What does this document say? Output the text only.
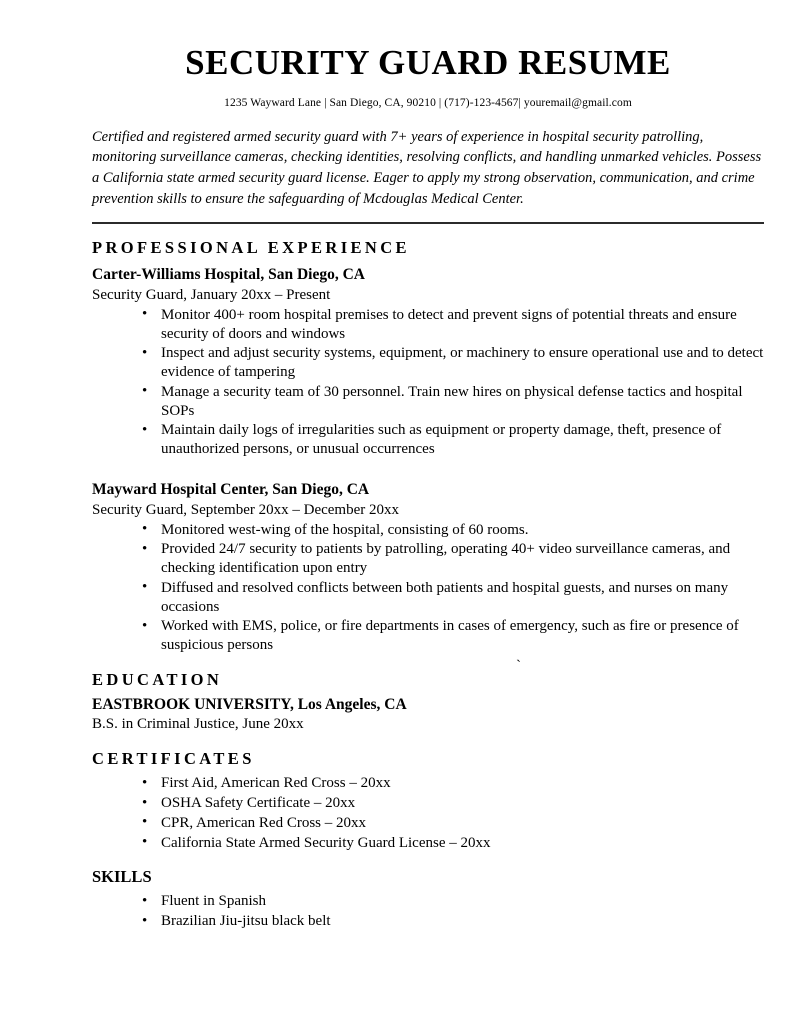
SECURITY GUARD RESUME

1235 Wayward Lane | San Diego, CA, 90210 | (717)-123-4567| youremail@gmail.com

Certified and registered armed security guard with 7+ years of experience in hospital security patrolling, monitoring surveillance cameras, checking identities, resolving conflicts, and handling unmarked vehicles. Possess a California state armed security guard license. Eager to apply my strong observation, communication, and crime prevention skills to ensure the safeguarding of Mcdouglas Medical Center.

PROFESSIONAL EXPERIENCE

Carter-Williams Hospital, San Diego, CA

Security Guard, January 20xx – Present

• Monitor 400+ room hospital premises to detect and prevent signs of potential threats and ensure security of doors and windows
• Inspect and adjust security systems, equipment, or machinery to ensure operational use and to detect evidence of tampering
• Manage a security team of 30 personnel. Train new hires on physical defense tactics and hospital SOPs
• Maintain daily logs of irregularities such as equipment or property damage, theft, presence of unauthorized persons, or unusual occurrences

Mayward Hospital Center, San Diego, CA

Security Guard, September 20xx – December 20xx

• Monitored west-wing of the hospital, consisting of 60 rooms.
• Provided 24/7 security to patients by patrolling, operating 40+ video surveillance cameras, and checking identification upon entry
• Diffused and resolved conflicts between both patients and hospital guests, and nurses on many occasions
• Worked with EMS, police, or fire departments in cases of emergency, such as fire or presence of suspicious persons
EDUCATION

EASTBROOK UNIVERSITY, Los Angeles, CA

B.S. in Criminal Justice, June 20xx

CERTIFICATES
• First Aid, American Red Cross – 20xx
• OSHA Safety Certificate – 20xx
• CPR, American Red Cross – 20xx
• California State Armed Security Guard License – 20xx
SKILLS
• Fluent in Spanish
• Brazilian Jiu-jitsu black belt
`
